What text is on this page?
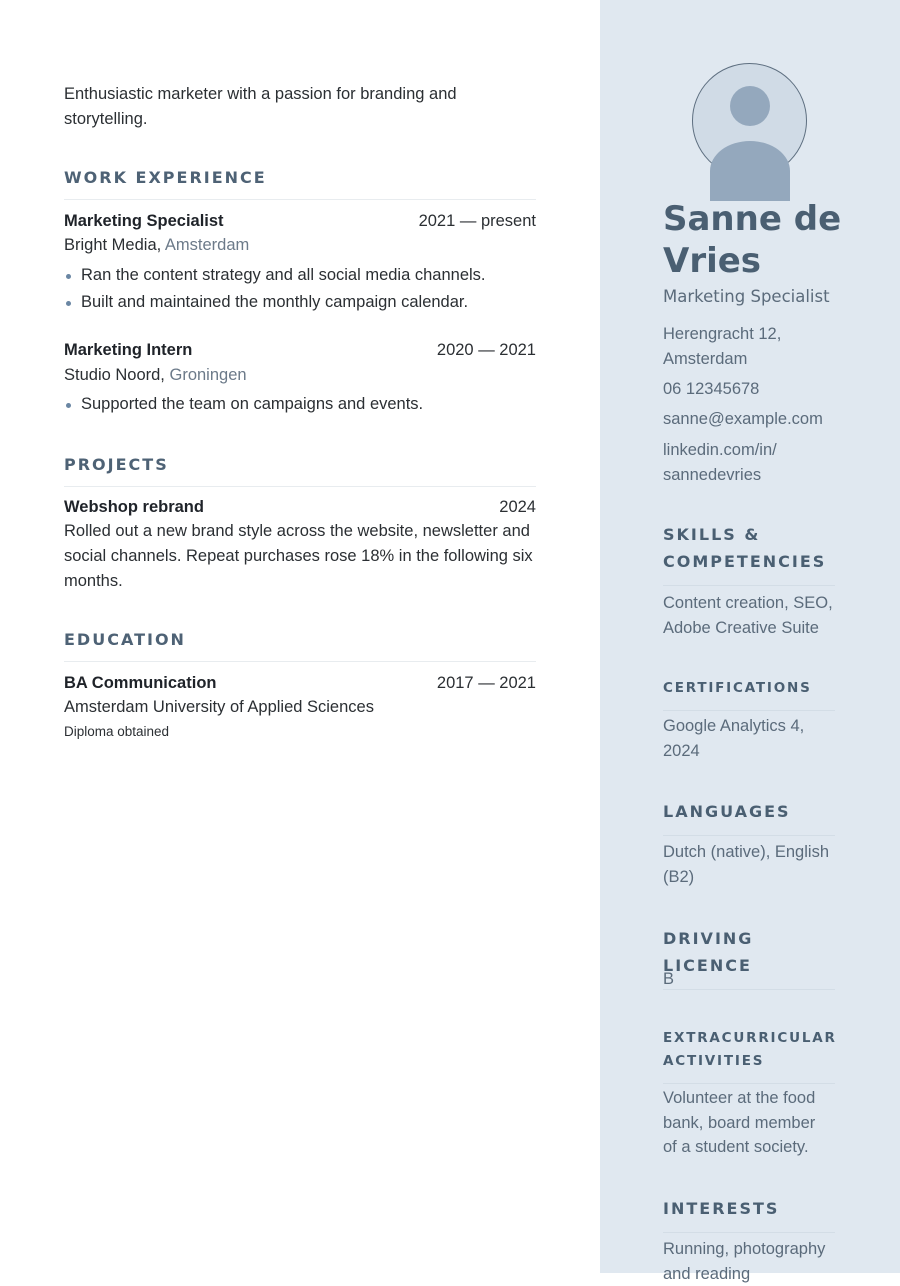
Enthusiastic marketer with a passion for branding and storytelling.

WORK EXPERIENCE
Marketing Specialist	2021 — present
Bright Media, Amsterdam
Ran the content strategy and all social media channels.
Built and maintained the monthly campaign calendar.
Marketing Intern	2020 — 2021
Studio Noord, Groningen
Supported the team on campaigns and events.
PROJECTS
Webshop rebrand	2024

Rolled out a new brand style across the website, newsletter and social channels. Repeat purchases rose 18% in the following six months.

EDUCATION
BA Communication	2017 — 2021
Amsterdam University of Applied Sciences
Diploma obtained
Sanne de Vries
Marketing Specialist
Herengracht 12, Amsterdam
06 12345678
sanne@example.com
linkedin.com/in/ sannedevries
SKILLS & COMPETENCIES
Content creation, SEO, Adobe Creative Suite
CERTIFICATIONS
Google Analytics 4, 2024
LANGUAGES
Dutch (native), English (B2)
DRIVING LICENCE
B
EXTRACURRICULAR ACTIVITIES
Volunteer at the food bank, board member of a student society.
INTERESTS
Running, photography and reading
